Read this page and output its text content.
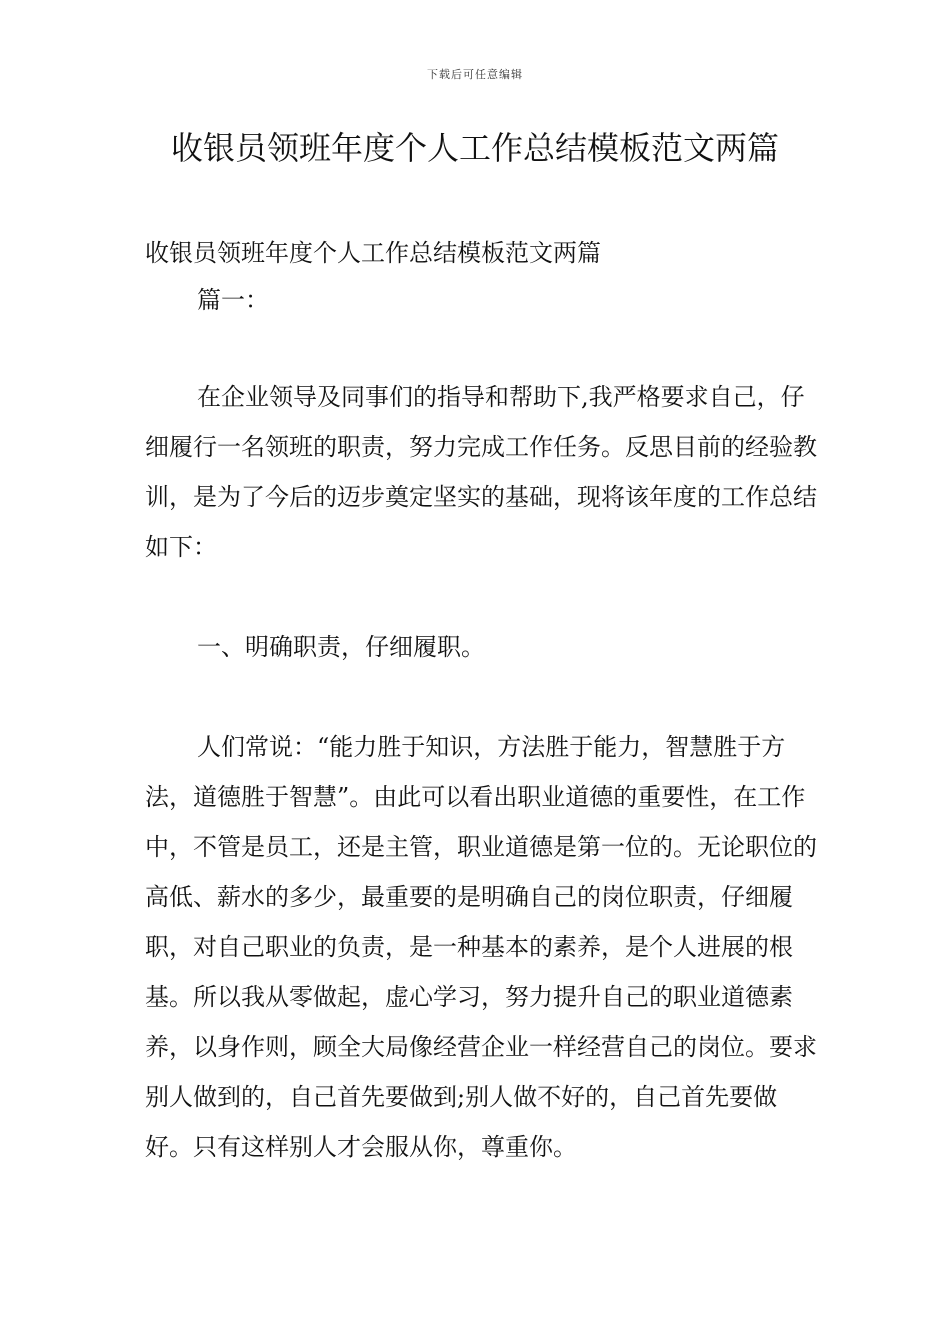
下载后可任意编辑
收银员领班年度个人工作总结模板范文两篇

收银员领班年度个人工作总结模板范文两篇

篇一：

在企业领导及同事们的指导和帮助下,我严格要求自己，仔细履行一名领班的职责，努力完成工作任务。反思目前的经验教训，是为了今后的迈步奠定坚实的基础，现将该年度的工作总结如下：

一、明确职责，仔细履职。

人们常说：“能力胜于知识，方法胜于能力，智慧胜于方法，道德胜于智慧”。由此可以看出职业道德的重要性，在工作中，不管是员工，还是主管，职业道德是第一位的。无论职位的高低、薪水的多少，最重要的是明确自己的岗位职责，仔细履职，对自己职业的负责，是一种基本的素养，是个人进展的根基。所以我从零做起，虚心学习，努力提升自己的职业道德素养，以身作则，顾全大局像经营企业一样经营自己的岗位。要求别人做到的，自己首先要做到;别人做不好的，自己首先要做好。只有这样别人才会服从你，尊重你。
